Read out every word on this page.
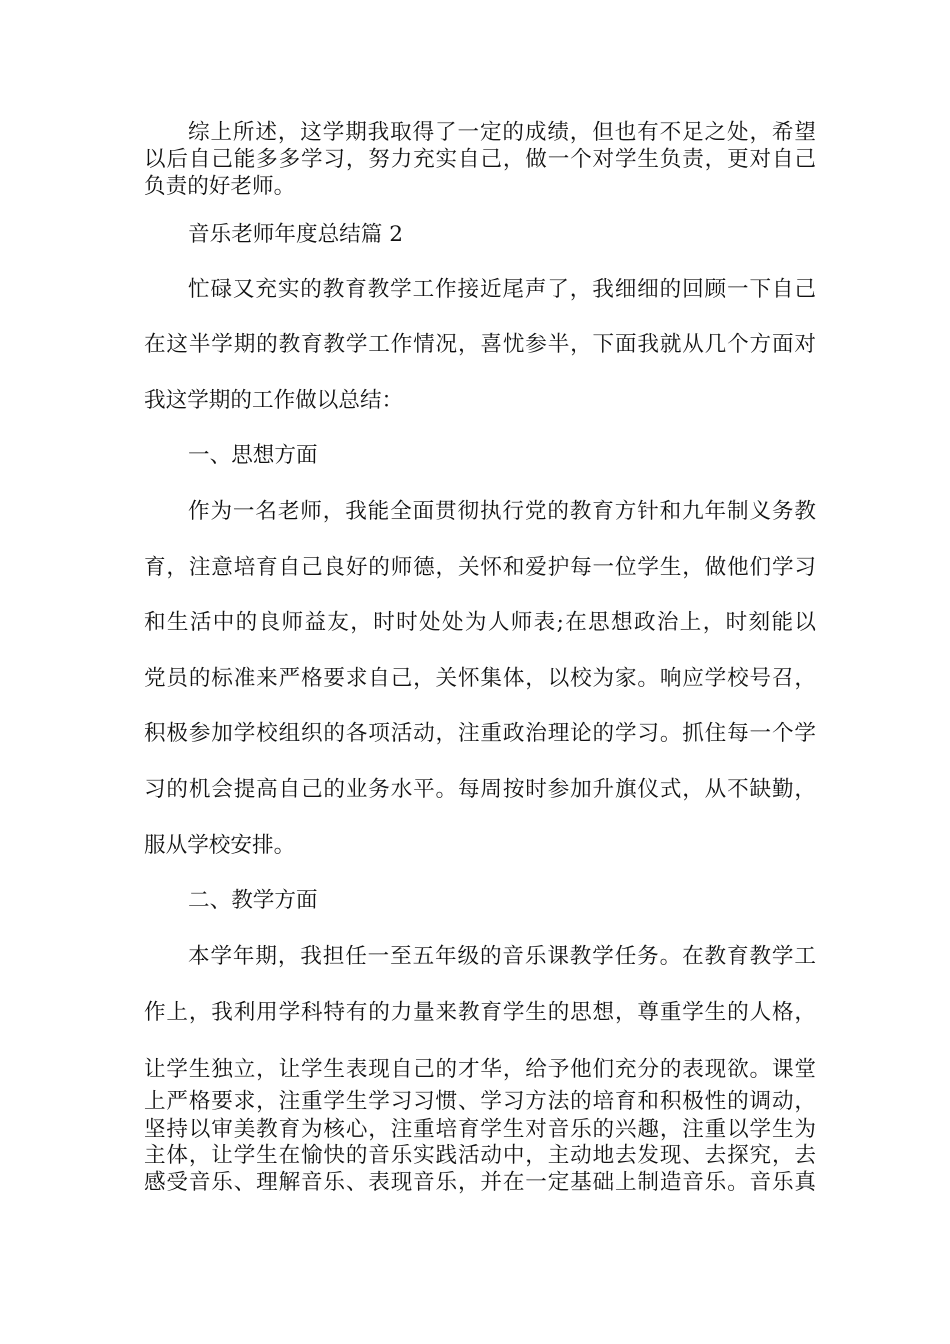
综上所述，这学期我取得了一定的成绩，但也有不足之处，希望
以后自己能多多学习，努力充实自己，做一个对学生负责，更对自己
负责的好老师。
音乐老师年度总结篇 2
忙碌又充实的教育教学工作接近尾声了，我细细的回顾一下自己
在这半学期的教育教学工作情况，喜忧参半，下面我就从几个方面对
我这学期的工作做以总结：
一、思想方面
作为一名老师，我能全面贯彻执行党的教育方针和九年制义务教
育，注意培育自己良好的师德，关怀和爱护每一位学生，做他们学习
和生活中的良师益友，时时处处为人师表;在思想政治上，时刻能以
党员的标准来严格要求自己，关怀集体，以校为家。响应学校号召，
积极参加学校组织的各项活动，注重政治理论的学习。抓住每一个学
习的机会提高自己的业务水平。每周按时参加升旗仪式，从不缺勤，
服从学校安排。
二、教学方面
本学年期，我担任一至五年级的音乐课教学任务。在教育教学工
作上，我利用学科特有的力量来教育学生的思想，尊重学生的人格，
让学生独立，让学生表现自己的才华，给予他们充分的表现欲。课堂
上严格要求，注重学生学习习惯、学习方法的培育和积极性的调动，
坚持以审美教育为核心，注重培育学生对音乐的兴趣，注重以学生为
主体，让学生在愉快的音乐实践活动中，主动地去发现、去探究，去
感受音乐、理解音乐、表现音乐，并在一定基础上制造音乐。音乐真
